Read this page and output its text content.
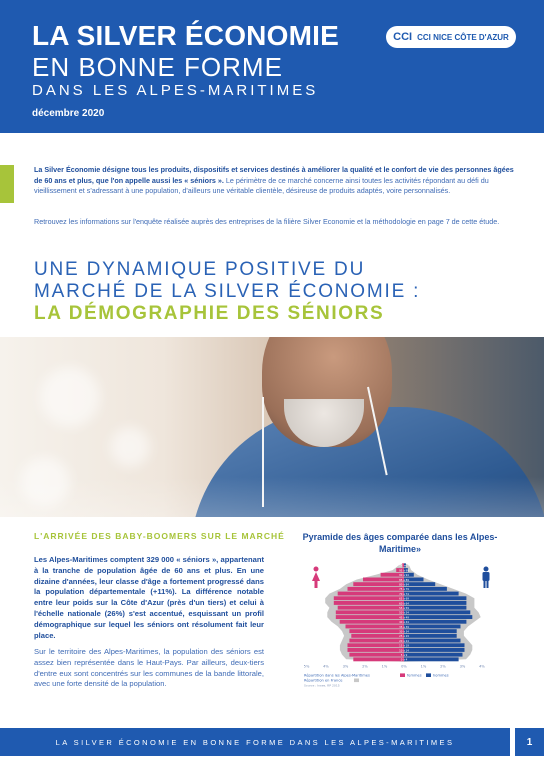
LA SILVER ÉCONOMIE
EN BONNE FORME
DANS LES ALPES-MARITIMES
décembre 2020
CCI CCI NICE CÔTE D'AZUR
La Silver Économie désigne tous les produits, dispositifs et services destinés à améliorer la qualité et le confort de vie des personnes âgées de 60 ans et plus, que l'on appelle aussi les « séniors ». Le périmètre de ce marché concerne ainsi toutes les activités répondant au défi du vieillissement et s'adressant à une population, d'ailleurs une véritable clientèle, désireuse de produits adaptés, voire personnalisés.
Retrouvez les informations sur l'enquête réalisée auprès des entreprises de la filière Silver Economie et la méthodologie en page 7 de cette étude.
UNE DYNAMIQUE POSITIVE DU
MARCHÉ DE LA SILVER ÉCONOMIE :
LA DÉMOGRAPHIE DES SÉNIORS
L'ARRIVÉE DES BABY-BOOMERS SUR LE MARCHÉ
Les Alpes-Maritimes comptent 329 000 « séniors », appartenant à la tranche de population âgée de 60 ans et plus. En une dizaine d'années, leur classe d'âge a fortement progressé dans la population départementale (+11%). La différence notable entre leur poids sur la Côte d'Azur (près d'un tiers) et celui à l'échelle nationale (26%) s'est accentué, esquissant un profil démographique sur lequel les séniors ont résolument fait leur place.
Sur le territoire des Alpes-Maritimes, la population des séniors est assez bien représentée dans le Haut-Pays. Par ailleurs, deux-tiers d'entre eux sont concentrés sur les communes de la bande littorale, avec une forte densité de la population.
Pyramide des âges comparée dans les Alpes-Maritime»
100 et +
95 à 99
90 à 94
85 à 89
80 à 84
75 à 79
70 à 74
65 à 69
60 à 64
55 à 59
50 à 54
45 à 49
40 à 44
35 à 39
30 à 34
25 à 29
20 à 24
15 à 19
10 à 14
5 à 9
0 à 4
5%	4%	3%	2%	1%	0%	1%	2%	3%	4%
Répartition dans les Alpes-Maritimes	femmes	hommes
Répartition en France
Source : Insee, RP 2015
LA SILVER ÉCONOMIE EN BONNE FORME DANS LES ALPES-MARITIMES	1
